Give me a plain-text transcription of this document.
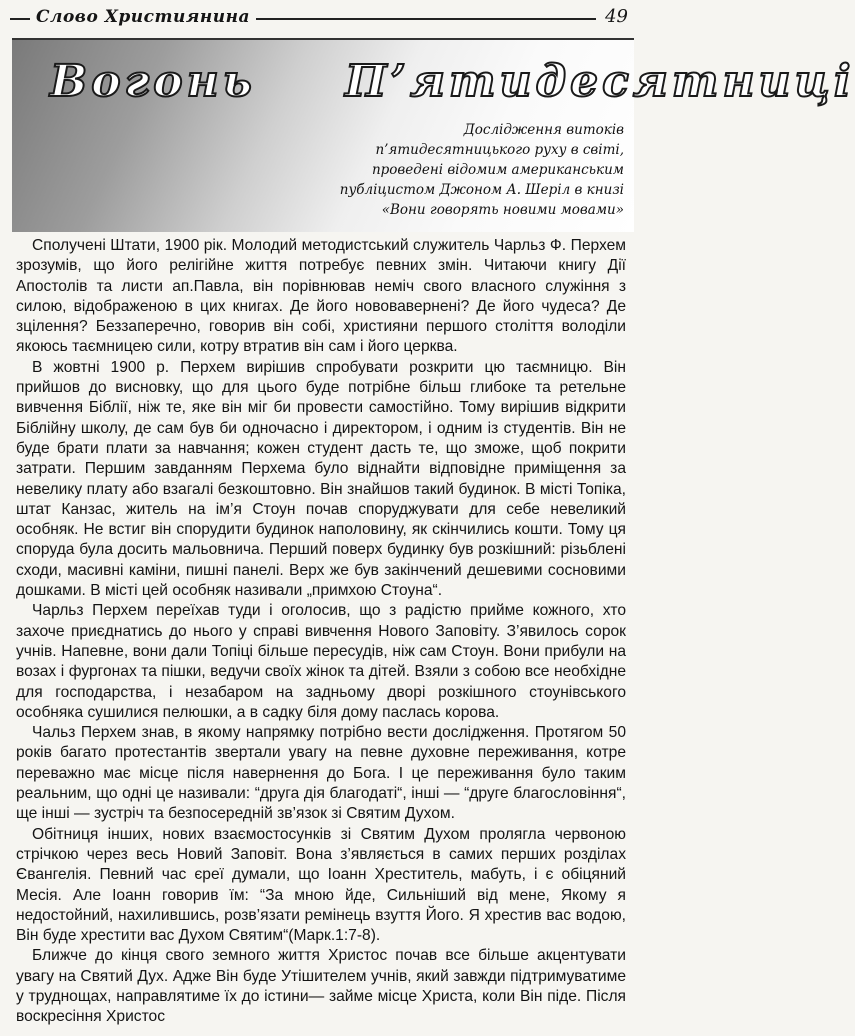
Слово Християнина	49
Вогонь П’ятидесятниці
Дослідження витоків
п’ятидесятницького руху в світі,
проведені відомим американським
публіцистом Джоном А. Шеріл в книзі
«Вони говорять новими мовами»

Сполучені Штати, 1900 рік. Молодий методистський служитель Чарльз Ф. Перхем зрозумів, що його релігійне життя потребує певних змін. Читаючи книгу Дії Апостолів та листи ап.Павла, він порівнював неміч свого власного служіння з силою, відображеною в цих книгах. Де його нововавернені? Де його чудеса? Де зцілення? Беззаперечно, говорив він собі, християни першого століття володіли якоюсь таємницею сили, котру втратив він сам і його церква.

В жовтні 1900 р. Перхем вирішив спробувати розкрити цю таємницю. Він прийшов до висновку, що для цього буде потрібне більш глибоке та ретельне вивчення Біблії, ніж те, яке він міг би провести самостійно. Тому вирішив відкрити Біблійну школу, де сам був би одночасно і директором, і одним із студентів. Він не буде брати плати за навчання; кожен студент дасть те, що зможе, щоб покрити затрати. Першим завданням Перхема було віднайти відповідне приміщення за невелику плату або взагалі безкоштовно. Він знайшов такий будинок. В місті Топіка, штат Канзас, житель на ім’я Стоун почав споруджувати для себе невеликий особняк. Не встиг він спорудити будинок наполовину, як скінчились кошти. Тому ця споруда була досить мальовнича. Перший поверх будинку був розкішний: різьблені сходи, масивні каміни, пишні панелі. Верх же був закінчений дешевими сосновими дошками. В місті цей особняк називали „примхою Стоуна“.

Чарльз Перхем переїхав туди і оголосив, що з радістю прийме кожного, хто захоче приєднатись до нього у справі вивчення Нового Заповіту. З’явилось сорок учнів. Напевне, вони дали Топіці більше пересудів, ніж сам Стоун. Вони прибули на возах і фургонах та пішки, ведучи своїх жінок та дітей. Взяли з собою все необхідне для господарства, і незабаром на задньому дворі розкішного стоунівського особняка сушилися пелюшки, а в садку біля дому паслась корова.

Чальз Перхем знав, в якому напрямку потрібно вести дослідження. Протягом 50 років багато протестантів звертали увагу на певне духовне переживання, котре переважно має місце після навернення до Бога. І це переживання було таким реальним, що одні це називали: “друга дія благодаті“, інші — “друге благословіння“, ще інші — зустріч та безпосередній зв’язок зі Святим Духом.

Обітниця інших, нових взаємостосунків зі Святим Духом пролягла червоною стрічкою через весь Новий Заповіт. Вона з’являється в самих перших розділах Євангелія. Певний час єреї думали, що Іоанн Хреститель, мабуть, і є обіцяний Месія. Але Іоанн говорив їм: “За мною йде, Сильніший від мене, Якому я недостойний, нахилившись, розв’язати ремінець взуття Його. Я хрестив вас водою, Він буде хрестити вас Духом Святим“(Марк.1:7-8).

Ближче до кінця свого земного життя Христос почав все більше акцентувати увагу на Святий Дух. Адже Він буде Утішителем учнів, який завжди підтримуватиме у труднощах, направлятиме їх до істини— займе місце Христа, коли Він піде. Після воскресіння Христос
